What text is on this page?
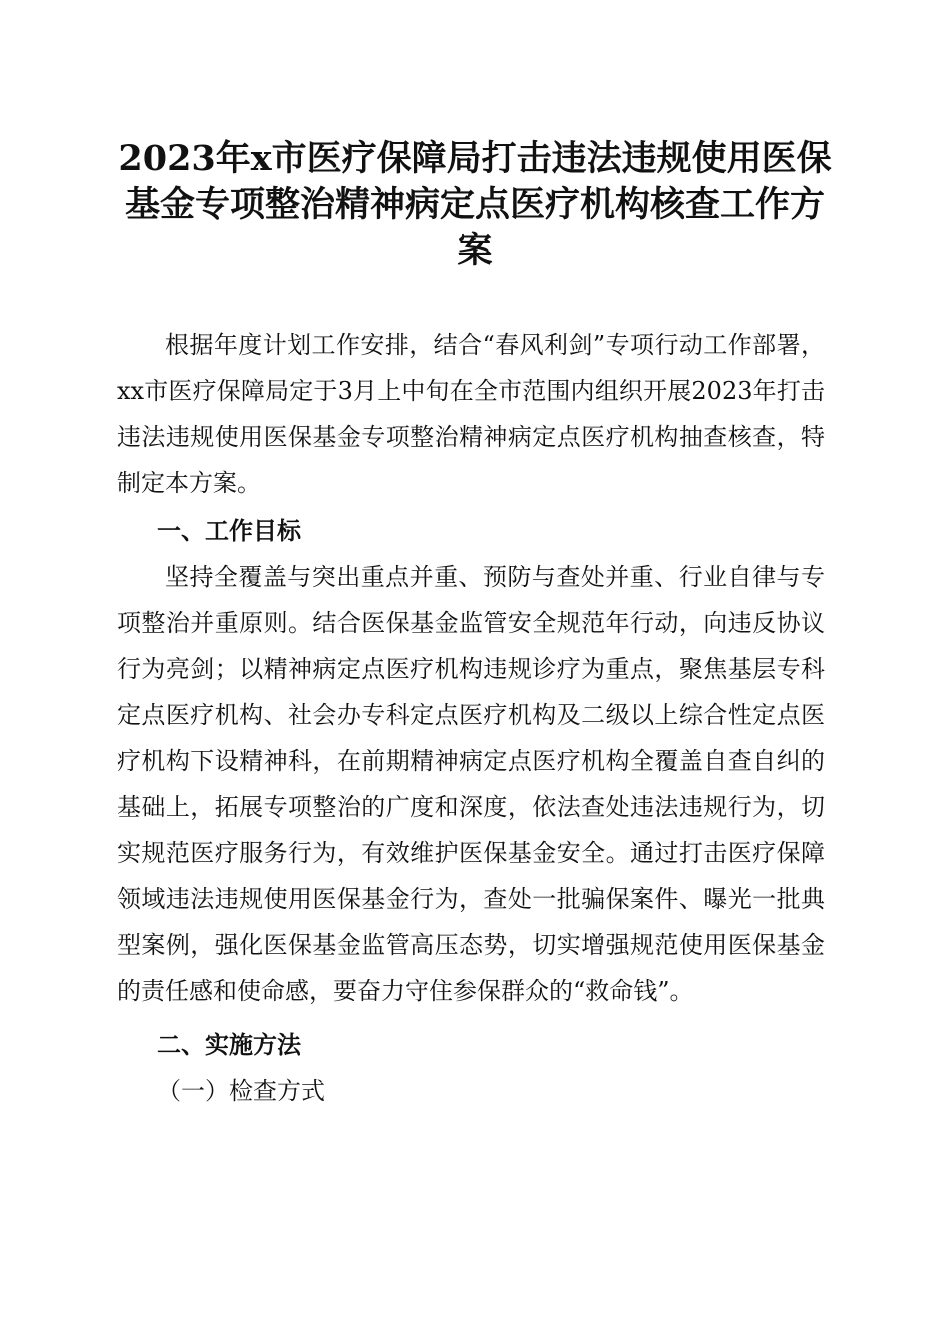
2023年x市医疗保障局打击违法违规使用医保
基金专项整治精神病定点医疗机构核查工作方
案

根据年度计划工作安排，结合“春风利剑”专项行动工作部署，xx市医疗保障局定于3月上中旬在全市范围内组织开展2023年打击违法违规使用医保基金专项整治精神病定点医疗机构抽查核查，特制定本方案。

一、工作目标

坚持全覆盖与突出重点并重、预防与查处并重、行业自律与专项整治并重原则。结合医保基金监管安全规范年行动，向违反协议行为亮剑；以精神病定点医疗机构违规诊疗为重点，聚焦基层专科定点医疗机构、社会办专科定点医疗机构及二级以上综合性定点医疗机构下设精神科，在前期精神病定点医疗机构全覆盖自查自纠的基础上，拓展专项整治的广度和深度，依法查处违法违规行为，切实规范医疗服务行为，有效维护医保基金安全。通过打击医疗保障领域违法违规使用医保基金行为，查处一批骗保案件、曝光一批典型案例，强化医保基金监管高压态势，切实增强规范使用医保基金的责任感和使命感，要奋力守住参保群众的“救命钱”。

二、实施方法
（一）检查方式
